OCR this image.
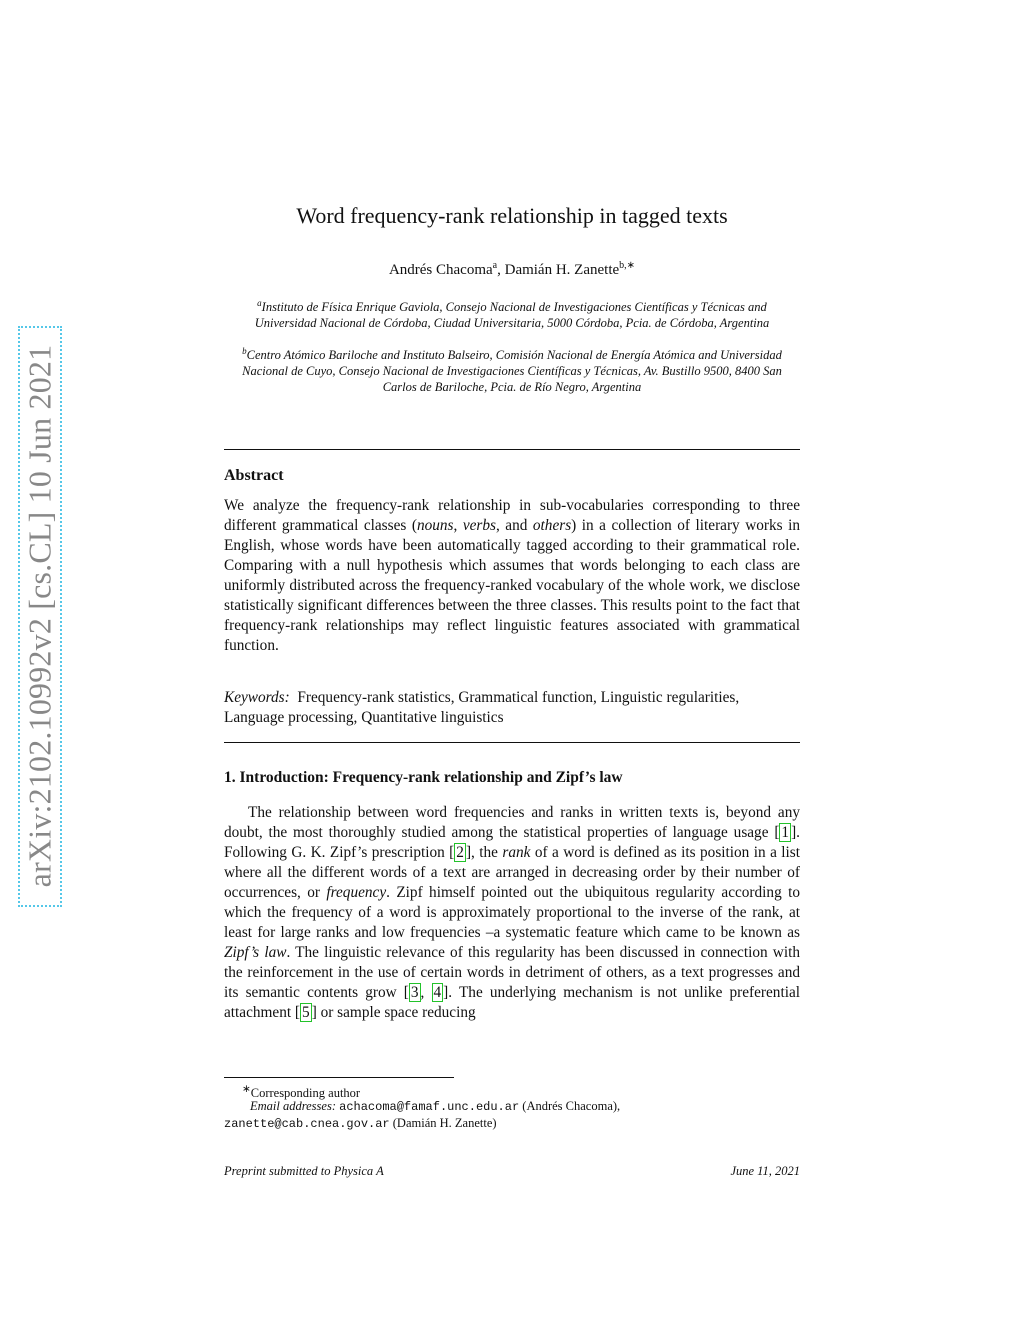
arXiv:2102.10992v2 [cs.CL] 10 Jun 2021
Word frequency-rank relationship in tagged texts
Andrés Chacoma$^a$, Damián H. Zanette$^{b,∗}$
$^a$Instituto de Física Enrique Gaviola, Consejo Nacional de Investigaciones Científicas y Técnicas and Universidad Nacional de Córdoba, Ciudad Universitaria, 5000 Córdoba, Pcia. de Córdoba, Argentina
$^b$Centro Atómico Bariloche and Instituto Balseiro, Comisión Nacional de Energía Atómica and Universidad Nacional de Cuyo, Consejo Nacional de Investigaciones Científicas y Técnicas, Av. Bustillo 9500, 8400 San Carlos de Bariloche, Pcia. de Río Negro, Argentina
Abstract
We analyze the frequency-rank relationship in sub-vocabularies corresponding to three different grammatical classes (nouns, verbs, and others) in a collection of literary works in English, whose words have been automatically tagged according to their grammatical role. Comparing with a null hypothesis which assumes that words belonging to each class are uniformly distributed across the frequency-ranked vocabulary of the whole work, we disclose statistically significant differences between the three classes. This results point to the fact that frequency-rank relationships may reflect linguistic features associated with grammatical function.
Keywords: Frequency-rank statistics, Grammatical function, Linguistic regularities, Language processing, Quantitative linguistics
1. Introduction: Frequency-rank relationship and Zipf’s law
The relationship between word frequencies and ranks in written texts is, beyond any doubt, the most thoroughly studied among the statistical properties of language usage [ 1 ]. Following G. K. Zipf’s prescription [ 2 ], the rank of a word is defined as its position in a list where all the different words of a text are arranged in decreasing order by their number of occurrences, or frequency. Zipf himself pointed out the ubiquitous regularity according to which the frequency of a word is approximately proportional to the inverse of the rank, at least for large ranks and low frequencies –a systematic feature which came to be known as Zipf’s law. The linguistic relevance of this regularity has been discussed in connection with the reinforcement in the use of certain words in detriment of others, as a text progresses and its semantic contents grow [ 3 , 4 ]. The underlying mechanism is not unlike preferential attachment [ 5 ] or sample space reducing
∗Corresponding author
Email addresses: achacoma@famaf.unc.edu.ar (Andrés Chacoma),
zanette@cab.cnea.gov.ar (Damián H. Zanette)
Preprint submitted to Physica A	June 11, 2021
